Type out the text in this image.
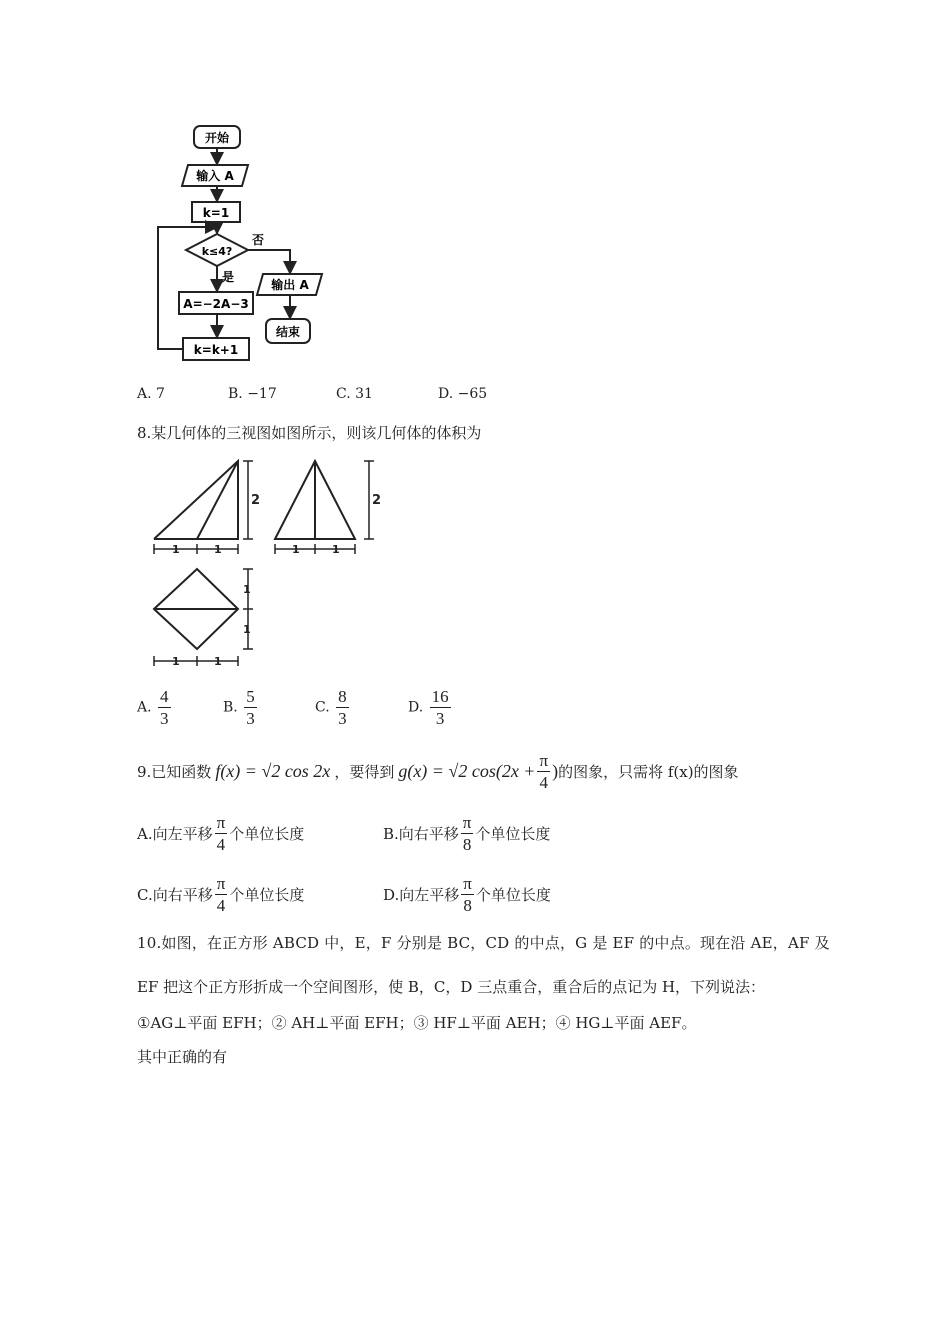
开始
输入 A
k=1
k≤4?
否
是
A=−2A−3
输出 A
结束
k=k+1
A. 7	B. −17	C. 31	D. −65
8.某几何体的三视图如图所示，则该几何体的体积为
1	1
2
1	1
2
1	1
1
1
A. $\frac{4}{3}$	B. $\frac{5}{3}$	C. $\frac{8}{3}$	D. $\frac{16}{3}$
9.已知函数 f(x) = √2 cos 2x ，要得到 g(x) = √2 $\cos(2x + \frac{\pi}{4}$ ) 的图象，只需将 f(x)的图象
A.向左平移 $\frac{\pi}{4}$ 个单位长度	B.向右平移 $\frac{\pi}{8}$ 个单位长度
C.向右平移 $\frac{\pi}{4}$ 个单位长度	D.向左平移 $\frac{\pi}{8}$ 个单位长度
10.如图，在正方形 ABCD 中，E，F 分别是 BC，CD 的中点，G 是 EF 的中点。现在沿 AE，AF 及
EF 把这个正方形折成一个空间图形，使 B，C，D 三点重合，重合后的点记为 H，下列说法：
①AG⊥平面 EFH；② AH⊥平面 EFH；③ HF⊥平面 AEH；④ HG⊥平面 AEF。
其中正确的有
